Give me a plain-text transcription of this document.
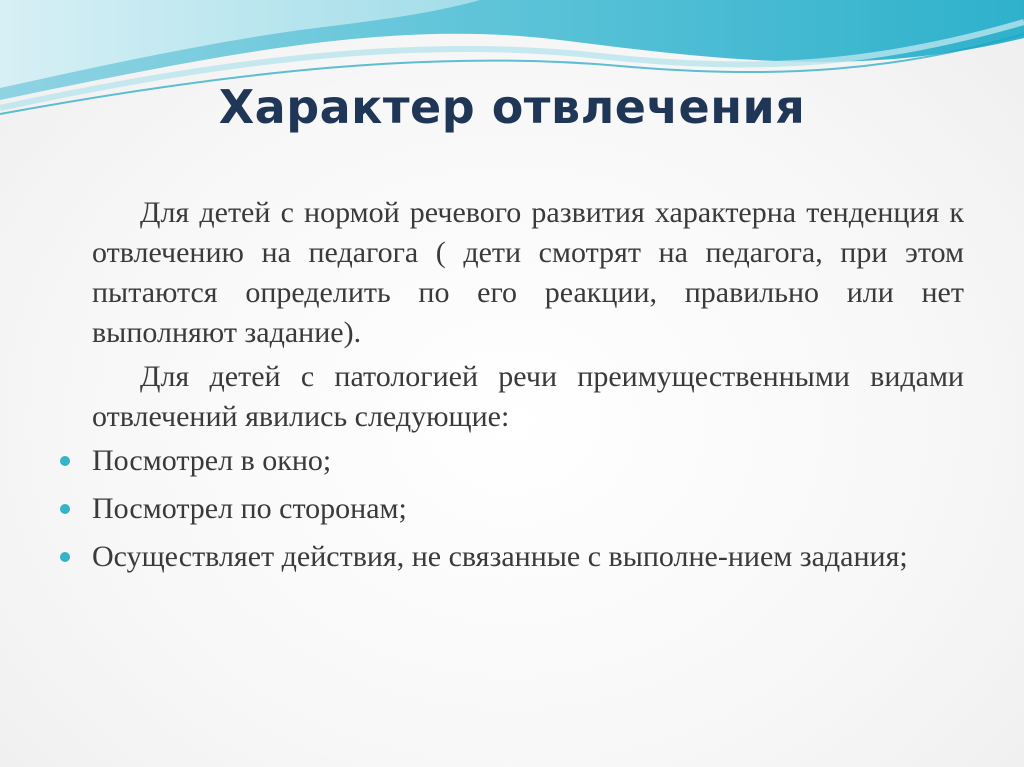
Характер отвлечения

Для детей с нормой речевого развития характерна тенденция к отвлечению на педагога ( дети смотрят на педагога, при этом пытаются определить по его реакции, правильно или нет выполняют задание).

Для детей с патологией речи преимущественными видами отвлечений явились следующие:

Посмотрел в окно;
Посмотрел по сторонам;
Осуществляет действия, не связанные с выполне-нием задания;
